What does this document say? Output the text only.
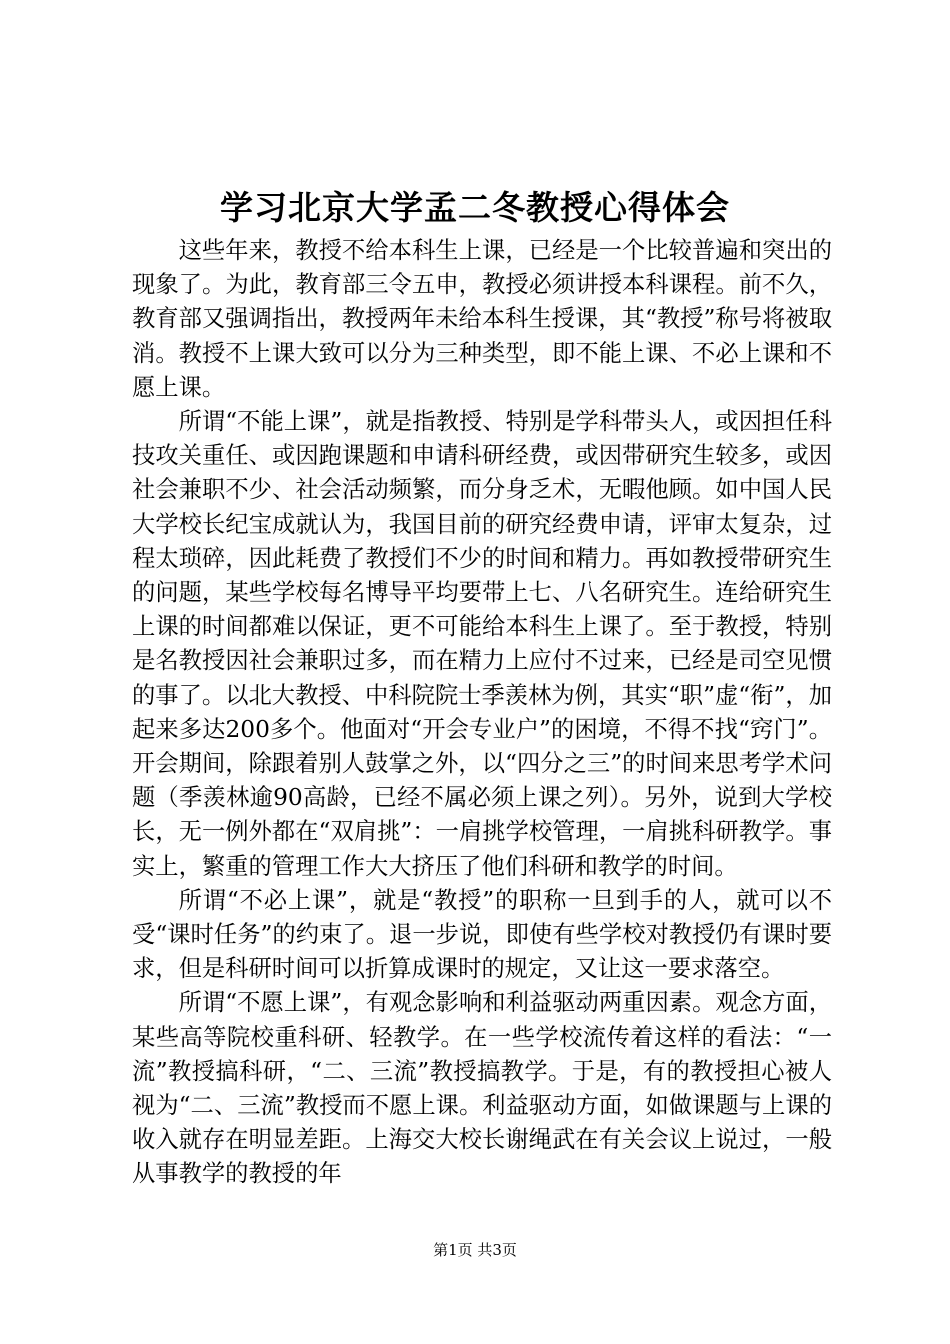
学习北京大学孟二冬教授心得体会

这些年来，教授不给本科生上课，已经是一个比较普遍和突出的现象了。为此，教育部三令五申，教授必须讲授本科课程。前不久，教育部又强调指出，教授两年未给本科生授课，其“教授”称号将被取消。教授不上课大致可以分为三种类型，即不能上课、不必上课和不愿上课。

所谓“不能上课”，就是指教授、特别是学科带头人，或因担任科技攻关重任、或因跑课题和申请科研经费，或因带研究生较多，或因社会兼职不少、社会活动频繁，而分身乏术，无暇他顾。如中国人民大学校长纪宝成就认为，我国目前的研究经费申请，评审太复杂，过程太琐碎，因此耗费了教授们不少的时间和精力。再如教授带研究生的问题，某些学校每名博导平均要带上七、八名研究生。连给研究生上课的时间都难以保证，更不可能给本科生上课了。至于教授，特别是名教授因社会兼职过多，而在精力上应付不过来，已经是司空见惯的事了。以北大教授、中科院院士季羡林为例，其实“职”虚“衔”，加起来多达200多个。他面对“开会专业户”的困境，不得不找“窍门”。开会期间，除跟着别人鼓掌之外，以“四分之三”的时间来思考学术问题（季羡林逾90高龄，已经不属必须上课之列）。另外，说到大学校长，无一例外都在“双肩挑”：一肩挑学校管理，一肩挑科研教学。事实上，繁重的管理工作大大挤压了他们科研和教学的时间。

所谓“不必上课”，就是“教授”的职称一旦到手的人，就可以不受“课时任务”的约束了。退一步说，即使有些学校对教授仍有课时要求，但是科研时间可以折算成课时的规定，又让这一要求落空。

所谓“不愿上课”，有观念影响和利益驱动两重因素。观念方面，某些高等院校重科研、轻教学。在一些学校流传着这样的看法：“一流”教授搞科研，“二、三流”教授搞教学。于是，有的教授担心被人视为“二、三流”教授而不愿上课。利益驱动方面，如做课题与上课的收入就存在明显差距。上海交大校长谢绳武在有关会议上说过，一般从事教学的教授的年

第1页 共3页
